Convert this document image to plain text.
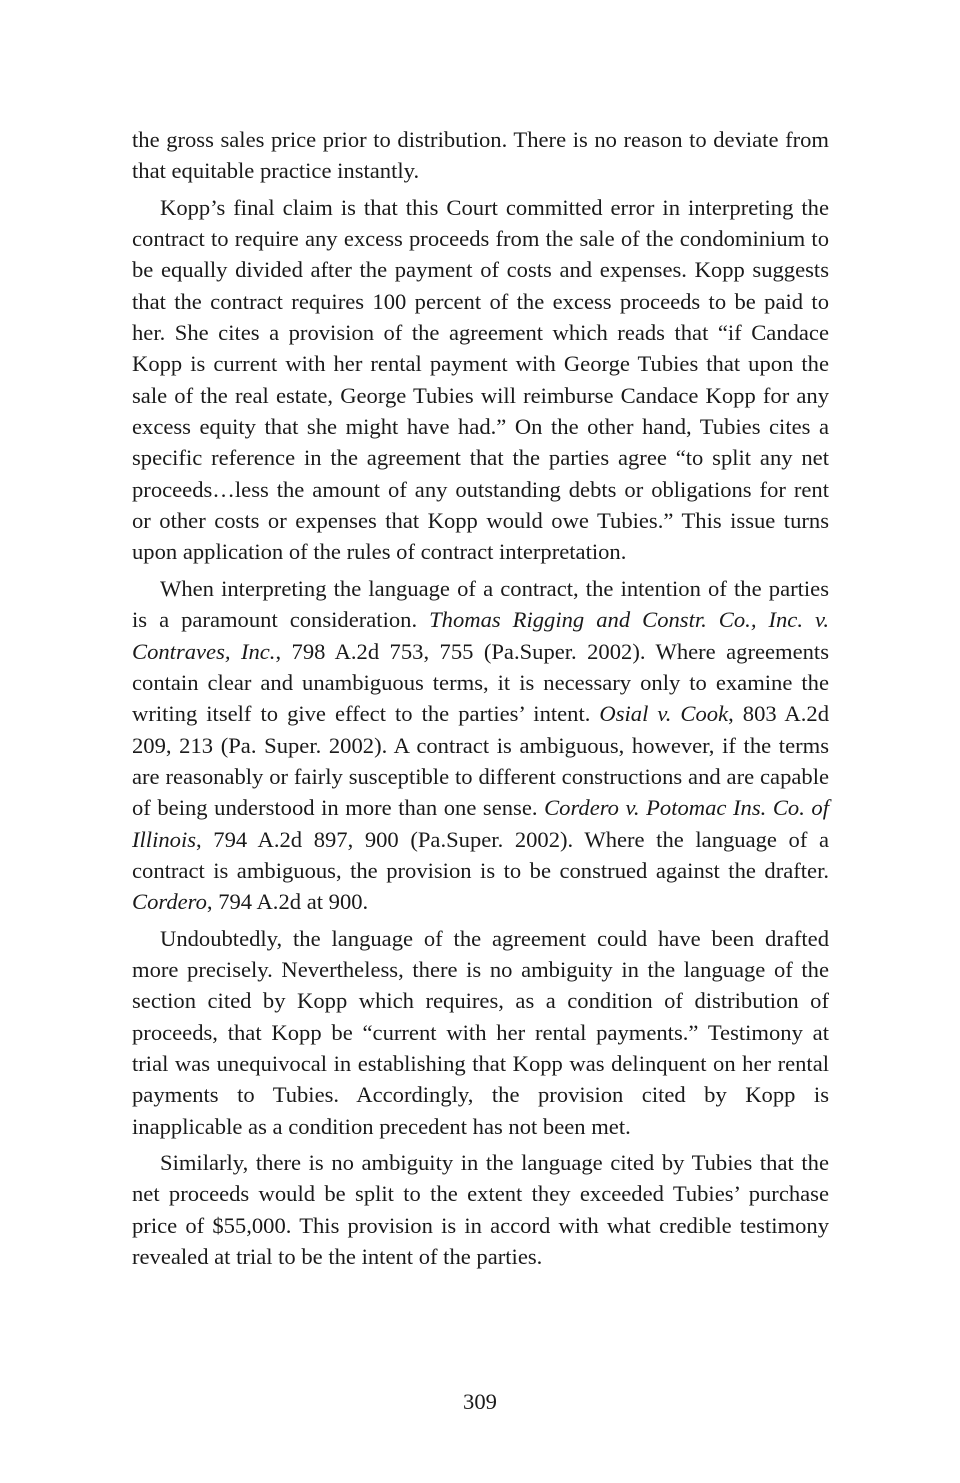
the gross sales price prior to distribution. There is no reason to deviate from that equitable practice instantly.

Kopp’s final claim is that this Court committed error in interpreting the contract to require any excess proceeds from the sale of the condominium to be equally divided after the payment of costs and expenses. Kopp suggests that the contract requires 100 percent of the excess proceeds to be paid to her. She cites a provision of the agreement which reads that “if Candace Kopp is current with her rental payment with George Tubies that upon the sale of the real estate, George Tubies will reimburse Candace Kopp for any excess equity that she might have had.” On the other hand, Tubies cites a specific reference in the agreement that the parties agree “to split any net proceeds…less the amount of any outstanding debts or obligations for rent or other costs or expenses that Kopp would owe Tubies.” This issue turns upon application of the rules of contract interpretation.

When interpreting the language of a contract, the intention of the parties is a paramount consideration. Thomas Rigging and Constr. Co., Inc. v. Contraves, Inc., 798 A.2d 753, 755 (Pa.Super. 2002). Where agreements contain clear and unambiguous terms, it is necessary only to examine the writing itself to give effect to the parties’ intent. Osial v. Cook, 803 A.2d 209, 213 (Pa. Super. 2002). A contract is ambiguous, however, if the terms are reasonably or fairly susceptible to different constructions and are capable of being understood in more than one sense. Cordero v. Potomac Ins. Co. of Illinois, 794 A.2d 897, 900 (Pa.Super. 2002). Where the language of a contract is ambiguous, the provision is to be construed against the drafter. Cordero, 794 A.2d at 900.

Undoubtedly, the language of the agreement could have been drafted more precisely. Nevertheless, there is no ambiguity in the language of the section cited by Kopp which requires, as a condition of distribution of proceeds, that Kopp be “current with her rental payments.” Testimony at trial was unequivocal in establishing that Kopp was delinquent on her rental payments to Tubies. Accordingly, the provision cited by Kopp is inapplicable as a condition precedent has not been met.

Similarly, there is no ambiguity in the language cited by Tubies that the net proceeds would be split to the extent they exceeded Tubies’ purchase price of $55,000. This provision is in accord with what credible testimony revealed at trial to be the intent of the parties.

309
